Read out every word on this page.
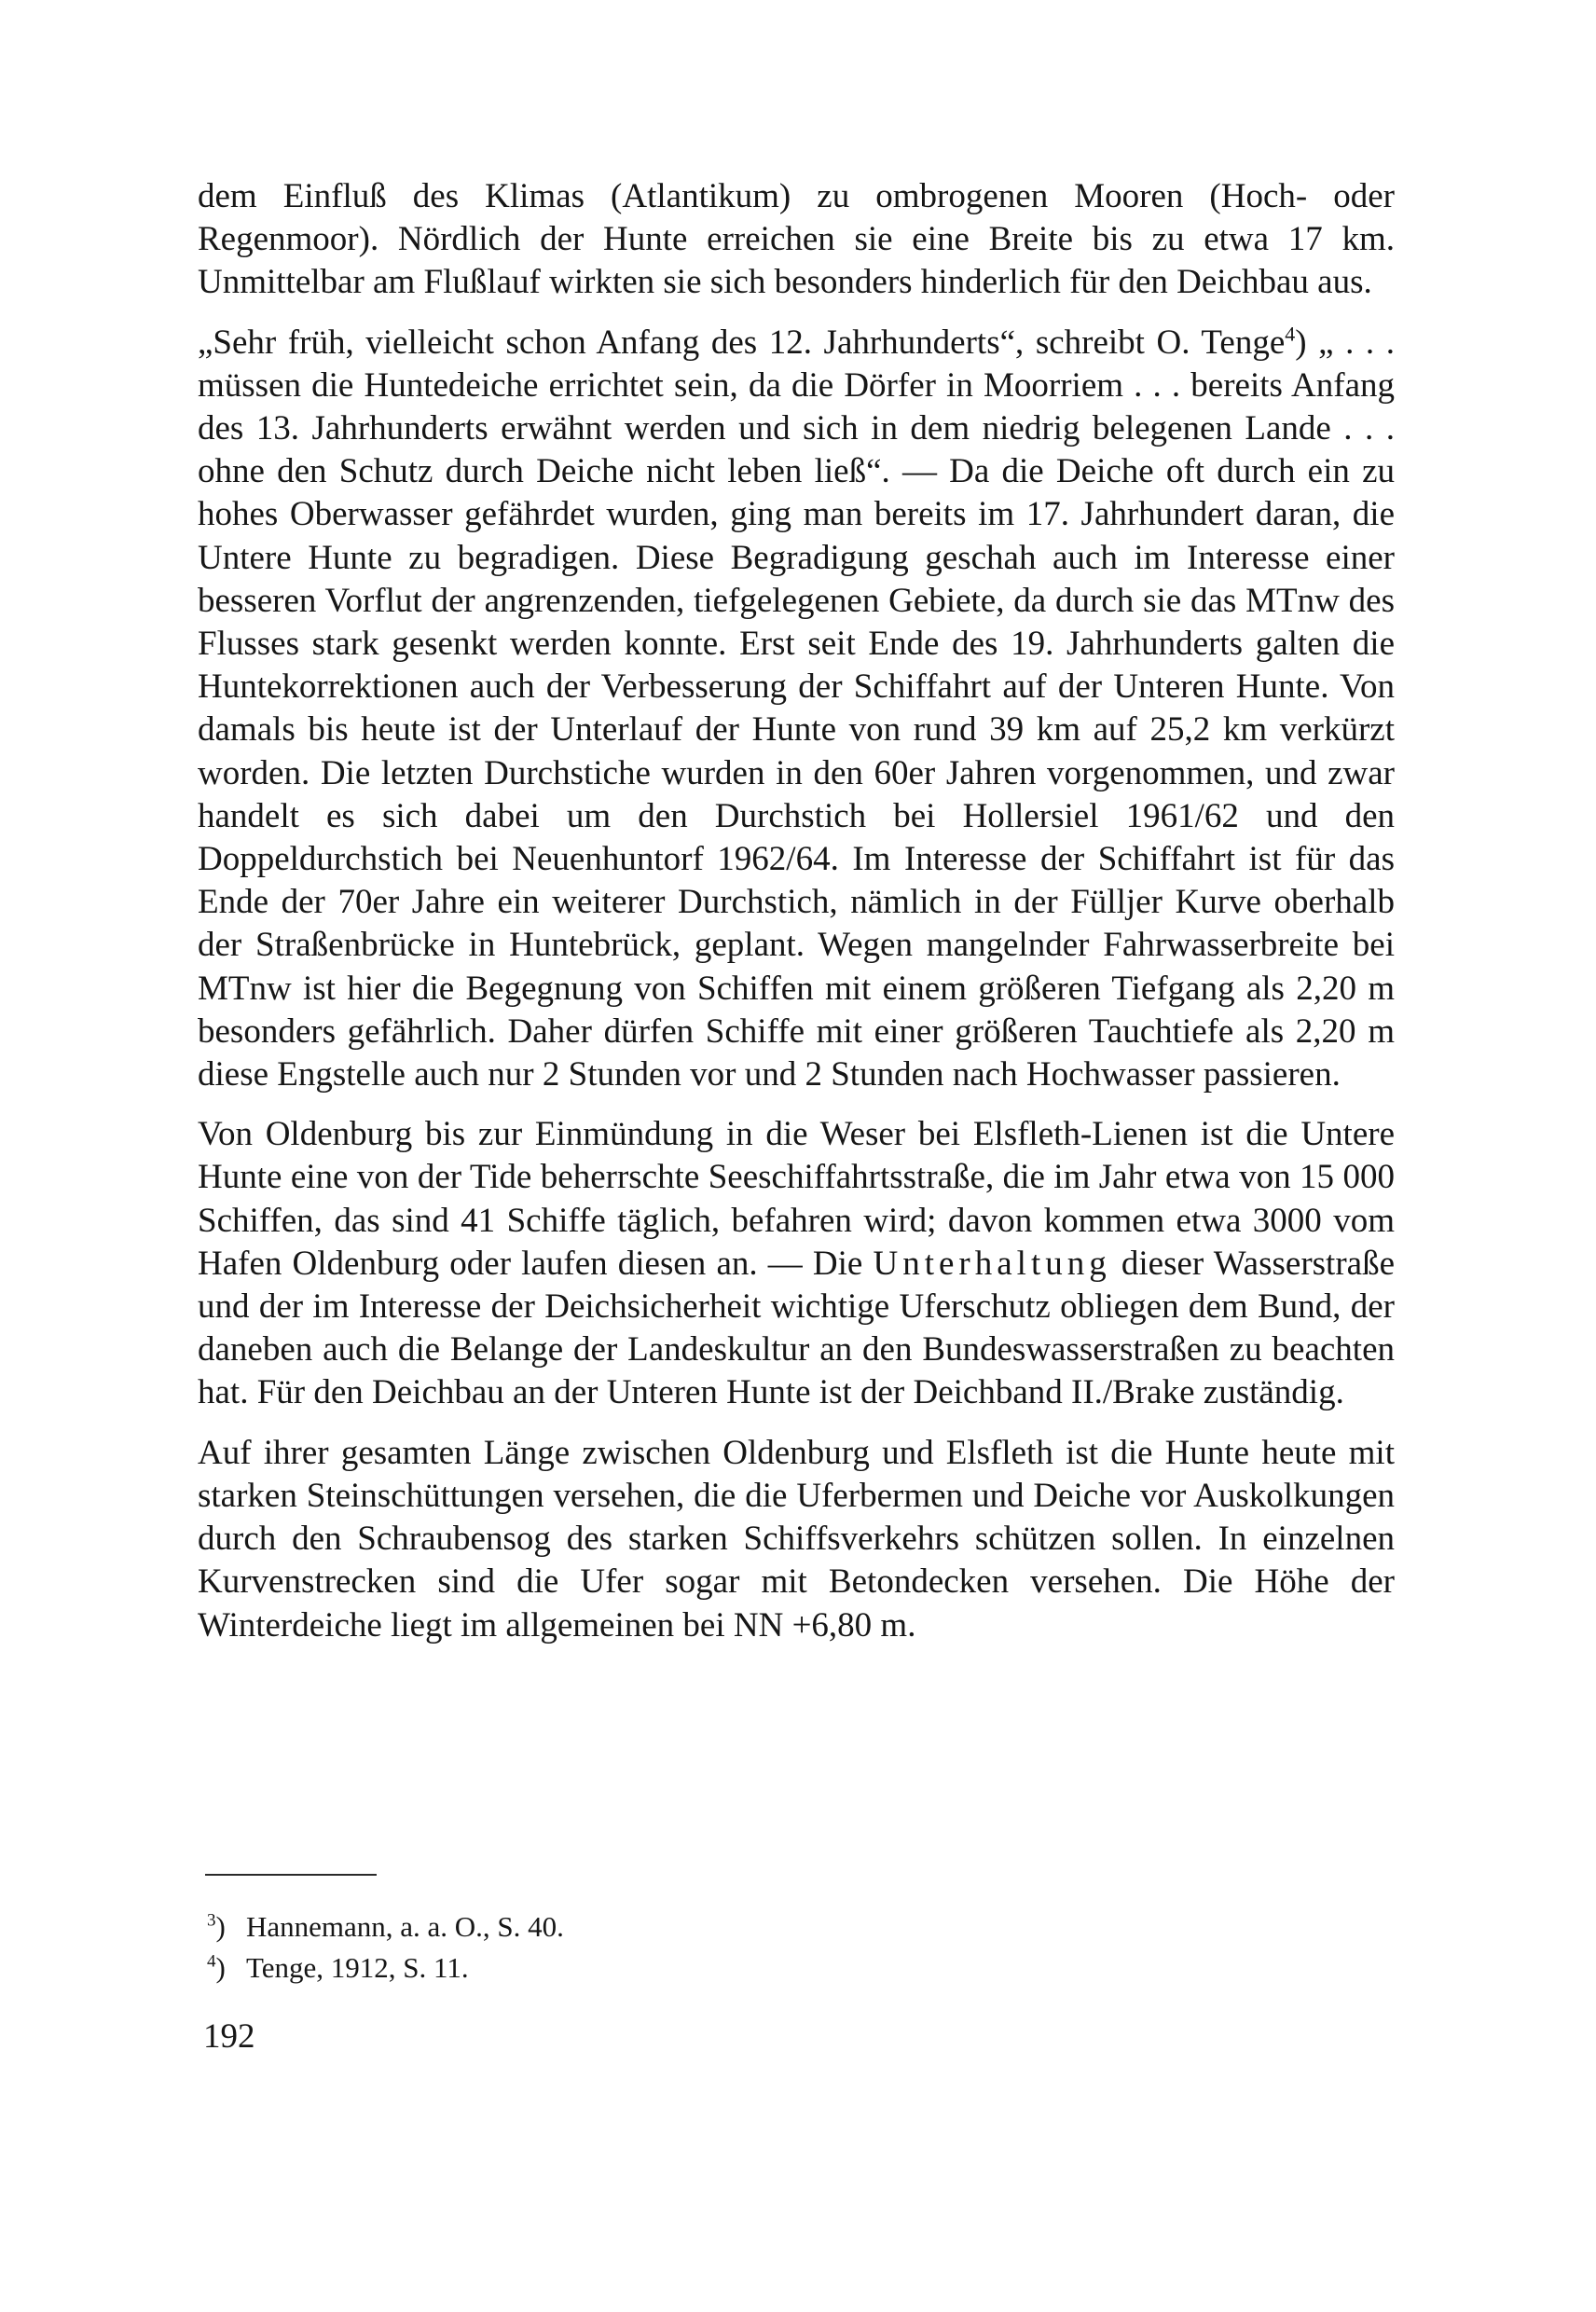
dem Einfluß des Klimas (Atlantikum) zu ombrogenen Mooren (Hoch- oder Regenmoor). Nördlich der Hunte erreichen sie eine Breite bis zu etwa 17 km. Unmittelbar am Flußlauf wirkten sie sich besonders hinderlich für den Deichbau aus.

„Sehr früh, vielleicht schon Anfang des 12. Jahrhunderts“, schreibt O. Tenge$^4$) „ . . . müssen die Huntedeiche errichtet sein, da die Dörfer in Moorriem . . . bereits Anfang des 13. Jahrhunderts erwähnt werden und sich in dem niedrig belegenen Lande . . . ohne den Schutz durch Deiche nicht leben ließ“. — Da die Deiche oft durch ein zu hohes Oberwasser gefährdet wurden, ging man bereits im 17. Jahrhundert daran, die Untere Hunte zu begradigen. Diese Begradigung geschah auch im Interesse einer besseren Vorflut der angrenzenden, tiefgelegenen Gebiete, da durch sie das MTnw des Flusses stark gesenkt werden konnte. Erst seit Ende des 19. Jahrhunderts galten die Huntekorrektionen auch der Verbesserung der Schiffahrt auf der Unteren Hunte. Von damals bis heute ist der Unterlauf der Hunte von rund 39 km auf 25,2 km verkürzt worden. Die letzten Durchstiche wurden in den 60er Jahren vorgenommen, und zwar handelt es sich dabei um den Durchstich bei Hollersiel 1961/62 und den Doppeldurchstich bei Neuenhuntorf 1962/64. Im Interesse der Schiffahrt ist für das Ende der 70er Jahre ein weiterer Durchstich, nämlich in der Fülljer Kurve oberhalb der Straßenbrücke in Huntebrück, geplant. Wegen mangelnder Fahrwasserbreite bei MTnw ist hier die Begegnung von Schiffen mit einem größeren Tiefgang als 2,20 m besonders gefährlich. Daher dürfen Schiffe mit einer größeren Tauchtiefe als 2,20 m diese Engstelle auch nur 2 Stunden vor und 2 Stunden nach Hochwasser passieren.

Von Oldenburg bis zur Einmündung in die Weser bei Elsfleth-Lienen ist die Untere Hunte eine von der Tide beherrschte Seeschiffahrtsstraße, die im Jahr etwa von 15 000 Schiffen, das sind 41 Schiffe täglich, befahren wird; davon kommen etwa 3000 vom Hafen Oldenburg oder laufen diesen an. — Die Unterhaltung dieser Wasserstraße und der im Interesse der Deichsicherheit wichtige Uferschutz obliegen dem Bund, der daneben auch die Belange der Landeskultur an den Bundeswasserstraßen zu beachten hat. Für den Deichbau an der Unteren Hunte ist der Deichband II./Brake zuständig.

Auf ihrer gesamten Länge zwischen Oldenburg und Elsfleth ist die Hunte heute mit starken Steinschüttungen versehen, die die Uferbermen und Deiche vor Auskolkungen durch den Schraubensog des starken Schiffsverkehrs schützen sollen. In einzelnen Kurvenstrecken sind die Ufer sogar mit Betondecken versehen. Die Höhe der Winterdeiche liegt im allgemeinen bei NN +6,80 m.

$^3$) Hannemann, a. a. O., S. 40.

$^4$) Tenge, 1912, S. 11.

192
